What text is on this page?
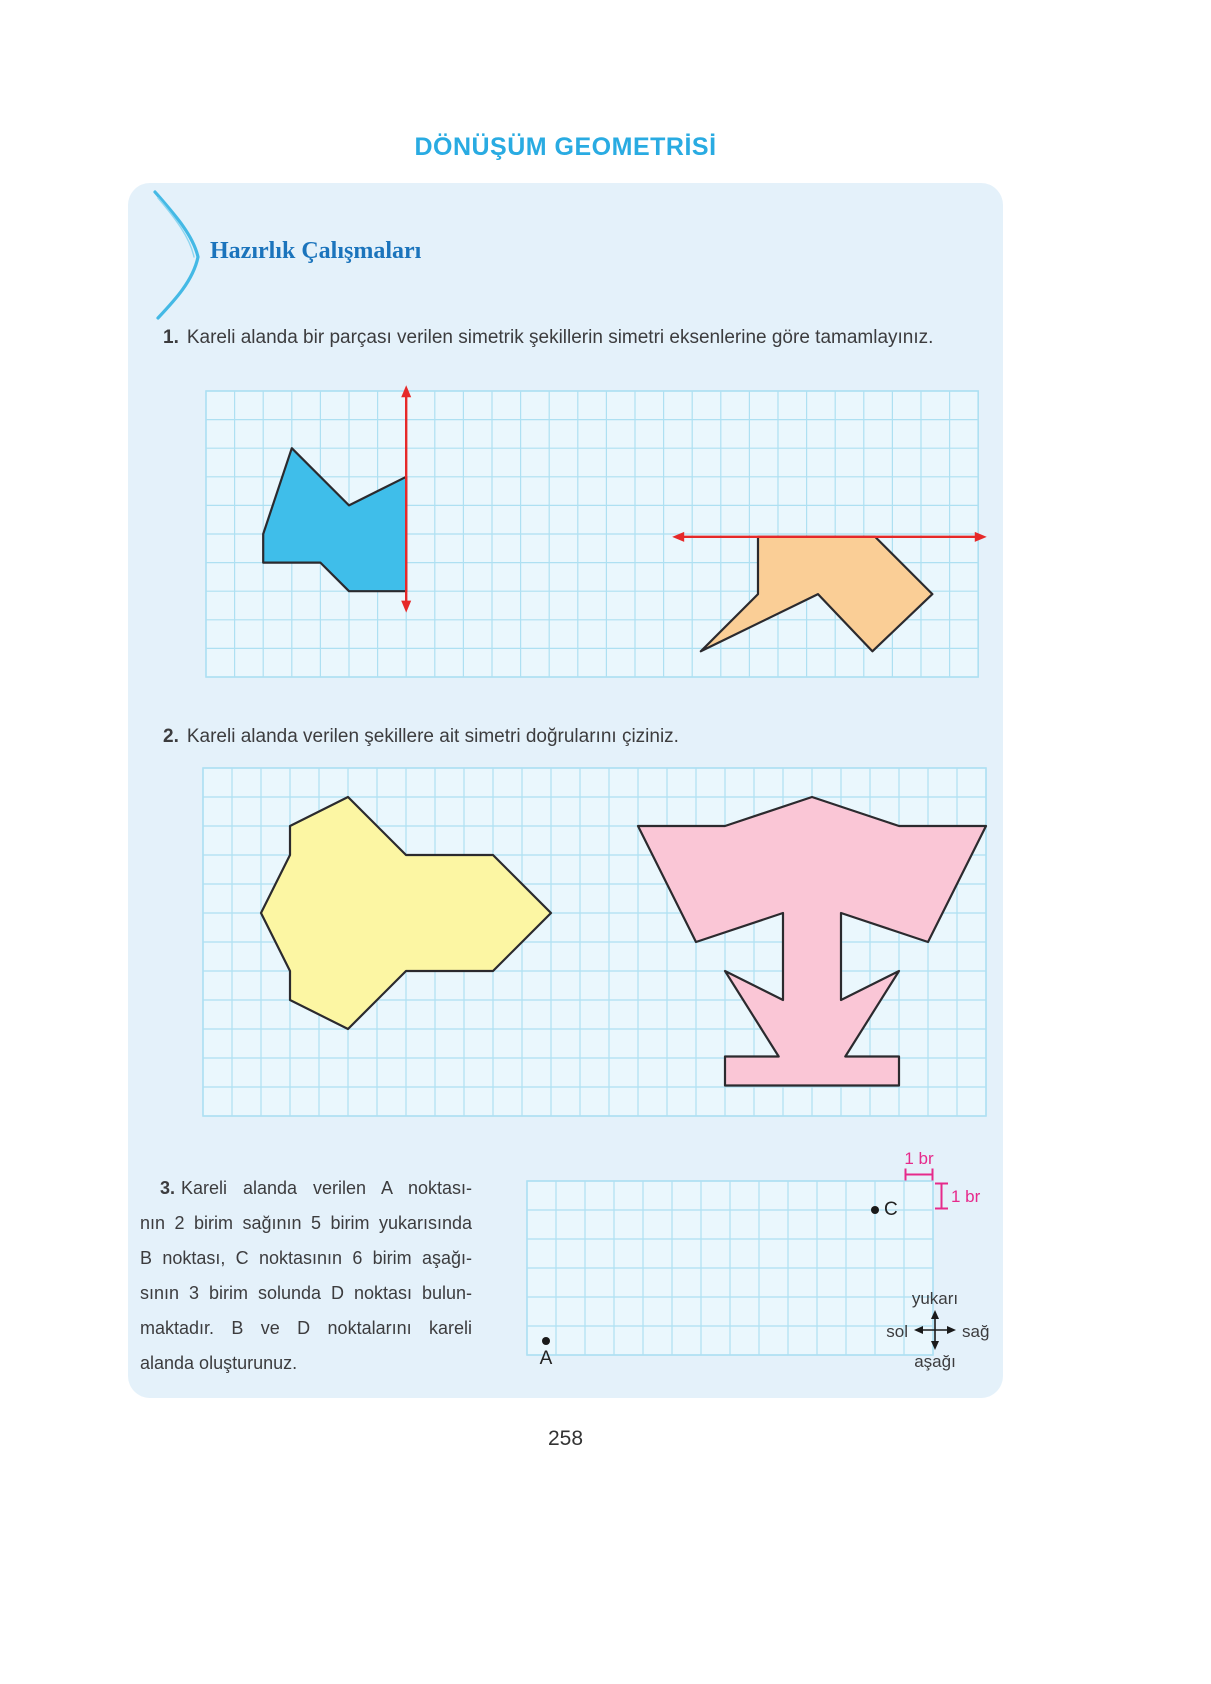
DÖNÜŞÜM GEOMETRİSİ
Hazırlık Çalışmaları

1. Kareli alanda bir parçası verilen simetrik şekillerin simetri eksenlerine göre tamamlayınız.

2. Kareli alanda verilen şekillere ait simetri doğrularını çiziniz.

3. Kareli alanda verilen A noktası-
nın 2 birim sağının 5 birim yukarısında
B noktası, C noktasının 6 birim aşağı-
sının 3 birim solunda D noktası bulun-
maktadır. B ve D noktalarını kareli
alanda oluşturunuz.
1 br
1 br
C
A
yukarı
sol	sağ
aşağı
258
